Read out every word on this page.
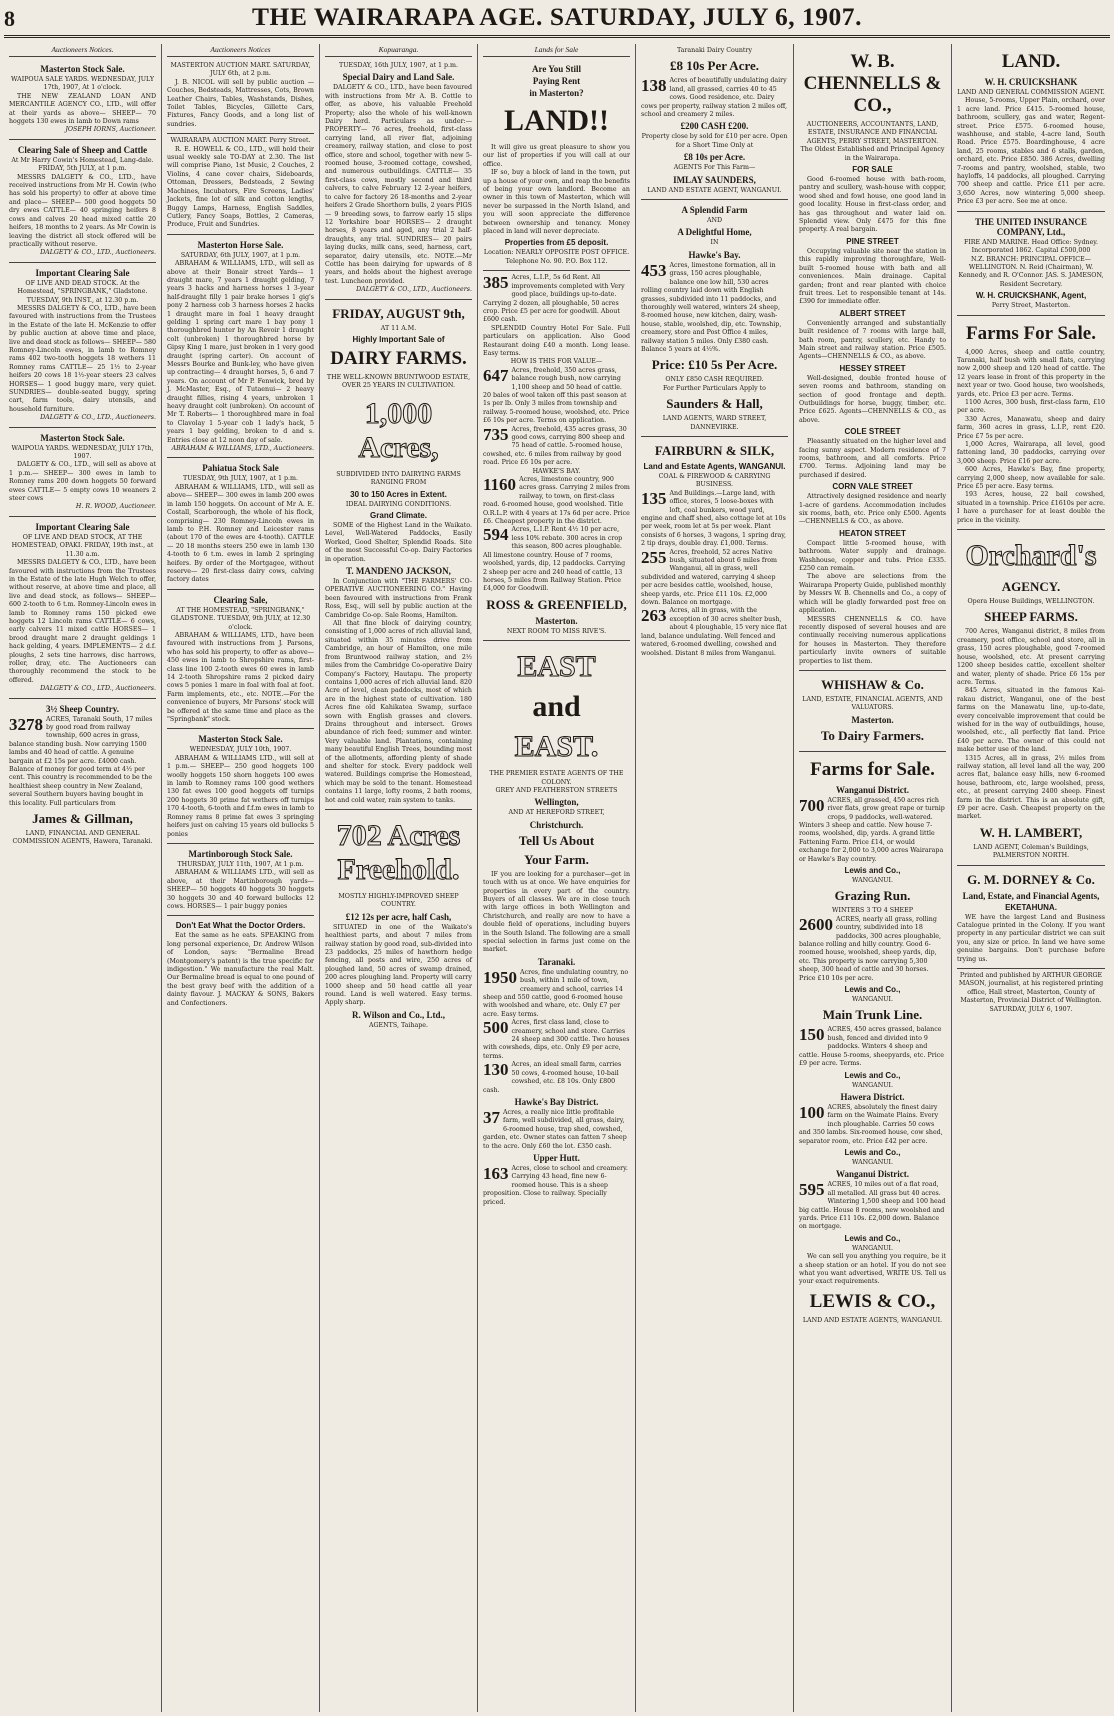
8	THE WAIRARAPA AGE. SATURDAY, JULY 6, 1907.
Auctioneers Notices.
Masterton Stock Sale.
WAIPOUA SALE YARDS. WEDNESDAY, JULY 17th, 1907, At 1 o'clock.

THE NEW ZEALAND LOAN AND MERCANTILE AGENCY CO., LTD., will offer at their yards as above— SHEEP— 70 hoggets 130 ewes in lamb to Down rams

JOSEPH IORNS, Auctioneer.
Clearing Sale of Sheep and Cattle
At Mr Harry Cowin's Homestead, Lang-dale. FRIDAY, 5th JULY, at 1 p.m.

MESSRS DALGETY & CO., LTD., have received instructions from Mr H. Cowin (who has sold his property) to offer at above time and place— SHEEP— 500 good hoggets 50 dry ewes CATTLE— 40 springing heifers 8 cows and calves 20 head mixed cattle 20 heifers, 18 months to 2 years. As Mr Cowin is leaving the district all stock offered will be practically without reserve.

DALGETY & CO., LTD., Auctioneers.
Important Clearing Sale
OF LIVE AND DEAD STOCK. At the Homestead, "SPRINGBANK," Gladstone. TUESDAY, 9th INST., at 12.30 p.m.

MESSRS DALGETY & CO., LTD., have been favoured with instructions from the Trustees in the Estate of the late H. McKenzie to offer by public auction at above time and place, live and dead stock as follows— SHEEP— 580 Romney-Lincoln ewes, in lamb to Romney rams 402 two-tooth hoggets 18 wethers 11 Romney rams CATTLE— 25 1½ to 2-year heifers 20 cows 18 1½-year steers 23 calves HORSES— 1 good buggy mare, very quiet. SUNDRIES— double-seated buggy, spring cart, farm tools, dairy utensils, and household furniture.

DALGETY & CO., LTD., Auctioneers.
Masterton Stock Sale.
WAIPOUA YARDS. WEDNESDAY, JULY 17th, 1907.

DALGETY & CO., LTD., will sell as above at 1 p.m.— SHEEP— 300 ewes in lamb to Romney rams 200 down hoggets 50 forward ewes CATTLE— 5 empty cows 10 weaners 2 steer cows

H. R. WOOD, Auctioneer.
Important Clearing Sale
OF LIVE AND DEAD STOCK, AT THE HOMESTEAD, OPAKI. FRIDAY, 19th inst., at 11.30 a.m.

MESSRS DALGETY & CO., LTD., have been favoured with instructions from the Trustees in the Estate of the late Hugh Welch to offer, without reserve, at above time and place, all live and dead stock, as follows— SHEEP— 600 2-tooth to 6 t.m. Romney-Lincoln ewes in lamb to Romney rams 150 picked ewe hoggets 12 Lincoln rams CATTLE— 6 cows, early calvers 11 mixed cattle HORSES— 1 brood draught mare 2 draught geldings 1 hack gelding, 4 years. IMPLEMENTS— 2 d.f. ploughs, 2 sets tine harrows, disc harrows, roller, dray, etc. The Auctioneers can thoroughly recommend the stock to be offered.

DALGETY & CO., LTD., Auctioneers.
3½ Sheep Country.
3278 ACRES, Taranaki South, 17 miles by good road from railway township, 600 acres in grass, balance standing bush. Now carrying 1500 lambs and 40 head of cattle. A genuine bargain at £2 15s per acre. £4000 cash. Balance of money for good term at 4½ per cent. This country is recommended to be the healthiest sheep country in New Zealand, several Southern buyers having bought in this locality. Full particulars from
James & Gillman,
LAND, FINANCIAL AND GENERAL COMMISSION AGENTS, Hawera, Taranaki.
Auctioneers Notices
MASTERTON AUCTION MART. SATURDAY, JULY 6th, at 2 p.m.

J. B. NICOL will sell by public auction — Couches, Bedsteads, Mattresses, Cots, Brown Leather Chairs, Tables, Washstands, Dishes, Toilet Tables, Bicycles, Gillette Cars, Fixtures, Fancy Goods, and a long list of sundries.

WAIRARAPA AUCTION MART. Perry Street.

R. E. HOWELL & CO., LTD., will hold their usual weekly sale TO-DAY at 2.30. The list will comprise Piano, 1st Music, 2 Couches, 2 Violins, 4 cane cover chairs, Sideboards, Ottoman, Dressers, Bedsteads, 2 Sewing Machines, Incubators, Fire Screens, Ladies' Jackets, fine lot of silk and cotton lengths, Buggy Lamps, Harness, English Saddles, Cutlery, Fancy Soaps, Bottles, 2 Cameras, Produce, Fruit and Sundries.

Masterton Horse Sale.
SATURDAY, 6th JULY, 1907, at 1 p.m.

ABRAHAM & WILLIAMS, LTD., will sell as above at their Bonair street Yards— 1 draught mare, 7 years 1 draught gelding, 7 years 3 hacks and harness horses 1 3-year half-draught filly 1 pair brake horses 1 gig's pony 2 harness cob 3 harness horses 2 hacks 1 draught mare in foal 1 heavy draught gelding 1 spring cart mare 1 bay pony 1 thoroughbred hunter by An Revoir 1 draught colt (unbroken) 1 thoroughbred horse by Gipsy King 1 mare, just broken in 1 very good draught (spring carter). On account of Messrs Bourke and Bunk-ley, who have given up contracting— 4 draught horses, 5, 6 and 7 years. On account of Mr P. Fenwick, bred by J. McMaster, Esq., of Tutaenui— 2 heavy draught fillies, rising 4 years, unbroken 1 heavy draught colt (unbroken). On account of Mr T. Roberts— 1 thoroughbred mare in foal to Clavolay 1 5-year cob 1 lady's hack, 5 years 1 bay gelding, broken to d and s. Entries close at 12 noon day of sale.

ABRAHAM & WILLIAMS, LTD., Auctioneers.
Pahiatua Stock Sale
TUESDAY, 9th JULY, 1907, at 1 p.m.

ABRAHAM & WILLIAMS, LTD., will sell as above— SHEEP— 300 ewes in lamb 200 ewes in lamb 150 hoggets. On account of Mr A. E. Costall, Scarborough, the whole of his flock, comprising— 230 Romney-Lincoln ewes in lamb to P.H. Romney and Leicester rams (about 170 of the ewes are 4-tooth). CATTLE— 20 18 months steers 250 ewe in lamb 130 4-tooth to 6 t.m. ewes in lamb 2 springing heifers. By order of the Mortgagee, without reserve— 20 first-class dairy cows, calving factory dates

Clearing Sale,
AT THE HOMESTEAD, "SPRINGBANK," GLADSTONE. TUESDAY, 9th JULY, at 12.30 o'clock.

ABRAHAM & WILLIAMS, LTD., have been favoured with instructions from J. Parsons, who has sold his property, to offer as above— 450 ewes in lamb to Shropshire rams, first-class line 100 2-tooth ewes 60 ewes in lamb 14 2-tooth Shropshire rams 2 picked dairy cows 5 ponies 1 mare in foal with foal at foot. Farm implements, etc., etc. NOTE.—For the convenience of buyers, Mr Parsons' stock will be offered at the same time and place as the "Springbank" stock.

Masterton Stock Sale.
WEDNESDAY, JULY 10th, 1907.

ABRAHAM & WILLIAMS LTD., will sell at 1 p.m.— SHEEP— 250 good hoggets 100 woolly hoggets 150 shorn hoggets 100 ewes in lamb to Romney rams 100 good wethers 130 fat ewes 100 good hoggets off turnips 200 hoggets 30 prime fat wethers off turnips 170 4-tooth, 6-tooth and f.f.m ewes in lamb to Romney rams 8 prime fat ewes 3 springing heifers just on calving 15 years old bullocks 5 ponies

Martinborough Stock Sale.
THURSDAY, JULY 11th, 1907, At 1 p.m.

ABRAHAM & WILLIAMS LTD., will sell as above, at their Martinborough yards— SHEEP— 50 hoggets 40 hoggets 30 hoggets 30 hoggets 30 and 40 forward bullocks 12 cows. HORSES— 1 pair buggy ponies

Don't Eat What the Doctor Orders.

Eat the same as he eats. SPEAKING from long personal experience, Dr. Andrew Wilson of London, says: "Bermaline Bread (Montgomery's patent) is the true specific for indigestion." We manufacture the real Malt. Our Bermaline bread is equal to one pound of the best gravy beef with the addition of a dainty flavour. J. MACKAY & SONS, Bakers and Confectioners.

Kopuaranga.
TUESDAY, 16th JULY, 1907, at 1 p.m.
Special Dairy and Land Sale.

DALGETY & CO., LTD., have been favoured with instructions from Mr A. B. Cottle to offer, as above, his valuable Freehold Property; also the whole of his well-known Dairy herd. Particulars as under:— PROPERTY— 76 acres, freehold, first-class carrying land, all river flat, adjoining creamery, railway station, and close to post office, store and school, together with new 5-roomed house, 3-roomed cottage, cowshed, and numerous outbuildings. CATTLE— 35 first-class cows, mostly second and third calvers, to calve February 12 2-year heifers, to calve for factory 26 18-months and 2-year heifers 2 Grade Shorthorn bulls, 2 years PIGS— 9 breeding sows, to farrow early 15 slips 12 Yorkshire boar HORSES— 2 draught horses, 8 years and aged, any trial 2 half-draughts, any trial. SUNDRIES— 20 pairs laying ducks, milk cans, seed, harness, cart, separator, dairy utensils, etc. NOTE.—Mr Cottle has been dairying for upwards of 8 years, and holds about the highest average test. Luncheon provided.

DALGETY & CO., LTD., Auctioneers.
FRIDAY, AUGUST 9th,
AT 11 A.M.
Highly Important Sale of
DAIRY FARMS.
THE WELL-KNOWN BRUNTWOOD ESTATE, OVER 25 YEARS IN CULTIVATION.
1,000 Acres,
SUBDIVIDED INTO DAIRYING FARMS RANGING FROM
30 to 150 Acres in Extent.
IDEAL DAIRYING CONDITIONS.
Grand Climate.

SOME of the Highest Land in the Waikato. Level, Well-Watered Paddocks, Easily Worked, Good Shelter, Splendid Roads. Site of the most Successful Co-op. Dairy Factories in operation.

T. MANDENO JACKSON,

In Conjunction with "THE FARMERS' CO-OPERATIVE AUCTIONEERING CO." Having been favoured with instructions from Frank Ross, Esq., will sell by public auction at the Cambridge Co-op. Sale Rooms, Hamilton.

All that fine block of dairying country, consisting of 1,000 acres of rich alluvial land, situated within 35 minutes drive from Cambridge, an hour of Hamilton, one mile from Bruntwood railway station, and 2½ miles from the Cambridge Co-operative Dairy Company's Factory, Hautapu. The property contains 1,000 acres of rich alluvial land. 820 Acre of level, clean paddocks, most of which are in the highest state of cultivation. 180 Acres fine old Kahikatea Swamp, surface sown with English grasses and clovers. Drains throughout and intersect. Grows abundance of rich feed; summer and winter. Very valuable land. Plantations, containing many beautiful English Trees, bounding most of the allotments, affording plenty of shade and shelter for stock. Every paddock well watered. Buildings comprise the Homestead, which may be sold to the tenant. Homestead contains 11 large, lofty rooms, 2 bath rooms, hot and cold water, rain system to tanks.

702 Acres Freehold.
MOSTLY HIGHLY-IMPROVED SHEEP COUNTRY.
£12 12s per acre, half Cash,

SITUATED in one of the Waikato's healthiest parts, and about 7 miles from railway station by good road, sub-divided into 23 paddocks, 25 miles of hawthorn hedge fencing, all posts and wire, 250 acres of ploughed land, 50 acres of swamp drained, 200 acres ploughing land. Property will carry 1000 sheep and 50 head cattle all year round. Land is well watered. Easy terms. Apply sharp.

R. Wilson and Co., Ltd.,
AGENTS, Taihape.
Lands for Sale
Are You Still
Paying Rent
in Masterton?
LAND!!

It will give us great pleasure to show you our list of properties if you will call at our office.

IF so, buy a block of land in the town, put up a house of your own, and reap the benefits of being your own landlord. Become an owner in this town of Masterton, which will never be surpassed in the North Island, and you will soon appreciate the difference between ownership and tenancy. Money placed in land will never depreciate.

Properties from £5 deposit.
Location: NEARLY OPPOSITE POST OFFICE. Telephone No. 90. P.O. Box 112.
385 Acres, L.I.P., 5s 6d Rent. All improvements completed with Very good place, buildings up-to-date. Carrying 2 dozen, all ploughable, 50 acres crop. Price £5 per acre for goodwill. About £600 cash.

SPLENDID Country Hotel For Sale. Full particulars on application. Also Good Restaurant doing £40 a month. Long lease. Easy terms.

HOW IS THIS FOR VALUE—
647 Acres, freehold, 350 acres grass, balance rough bush, now carrying 1,100 sheep and 50 head of cattle. 20 bales of wool taken off this past season at 1s per lb. Only 3 miles from township and railway. 5-roomed house, woolshed, etc. Price £6 10s per acre. Terms on application.
735 Acres, freehold, 435 acres grass, 30 good cows, carrying 800 sheep and 75 head of cattle. 5-roomed house, cowshed, etc. 6 miles from railway by good road. Price £6 10s per acre.
HAWKE'S BAY.
1160 Acres, limestone country, 900 acres grass. Carrying 2 miles from railway, to town, on first-class road. 6-roomed house, good woolshed. Title O.R.L.P. with 4 years at 17s 6d per acre. Price £6. Cheapest property in the district.
594 Acres, L.I.P. Rent 4½ 10 per acre, less 10% rebate. 300 acres in crop this season, 800 acres ploughable. All limestone country. House of 7 rooms, woolshed, yards, dip, 12 paddocks. Carrying 2 sheep per acre and 240 head of cattle, 13 horses, 5 miles from Railway Station. Price £4,000 for Goodwill.
ROSS & GREENFIELD,
Masterton.
NEXT ROOM TO MISS RIVE'S.
EAST
and
EAST.
THE PREMIER ESTATE AGENTS OF THE COLONY.
GREY AND FEATHERSTON STREETS
Wellington,
AND AT HEREFORD STREET,
Christchurch.
Tell Us About
Your Farm.

IF you are looking for a purchaser—get in touch with us at once. We have enquiries for properties in every part of the country. Buyers of all classes. We are in close touch with large offices in both Wellington and Christchurch, and really are now to have a double field of operations, including buyers in the South Island. The following are a small special selection in farms just come on the market.

Taranaki.
1950 Acres, fine undulating country, no bush, within 1 mile of town, creamery and school, carries 14 sheep and 550 cattle, good 6-roomed house with woolshed and whare, etc. Only £7 per acre. Easy terms.
500 Acres, first class land, close to creamery, school and store. Carries 24 sheep and 300 cattle. Two houses with cowsheds, dips, etc. Only £9 per acre, terms.
130 Acres, an ideal small farm, carries 50 cows, 4-roomed house, 10-bail cowshed, etc. £8 10s. Only £800 cash.
Hawke's Bay District.
37 Acres, a really nice little profitable farm, well subdivided, all grass, dairy, 6-roomed house, trap shed, cowshed, garden, etc. Owner states can fatten 7 sheep to the acre. Only £60 the lot. £350 cash.
Upper Hutt.
163 Acres, close to school and creamery. Carrying 43 head, fine new 6-roomed house. This is a sheep proposition. Close to railway. Specially priced.
Taranaki Dairy Country
£8 10s Per Acre.
138 Acres of beautifully undulating dairy land, all grassed, carries 40 to 45 cows. Good residence, etc. Dairy cows per property, railway station 2 miles off, school and creamery 2 miles.
£200 CASH £200.
Property close by sold for £10 per acre. Open for a Short Time Only at
£8 10s per Acre.
AGENTS For This Farm—
IMLAY SAUNDERS,
LAND AND ESTATE AGENT, WANGANUI.
A Splendid Farm
AND
A Delightful Home,
IN
Hawke's Bay.
453 Acres, limestone formation, all in grass, 150 acres ploughable, balance one low hill, 530 acres rolling country laid down with English grasses, subdivided into 11 paddocks, and thoroughly well watered, winters 24 sheep, 8-roomed house, new kitchen, dairy, wash-house, stable, woolshed, dip, etc. Township, creamery, store and Post Office 4 miles, railway station 5 miles. Only £380 cash. Balance 5 years at 4½%.
Price: £10 5s Per Acre.
ONLY £850 CASH REQUIRED.
For Further Particulars Apply to
Saunders & Hall,
LAND AGENTS, WARD STREET, DANNEVIRKE.
FAIRBURN & SILK,
Land and Estate Agents, WANGANUI.
COAL & FIREWOOD & CARRYING BUSINESS.
135 And Buildings.—Large land, with office, stores, 5 loose-boxes with loft, coal bunkers, wood yard, engine and chaff shed, also cottage let at 10s per week, room let at 5s per week. Plant consists of 6 horses, 3 wagons, 1 spring dray, 2 tip drays, double dray. £1,000. Terms.
255 Acres, freehold, 52 acres Native bush, situated about 6 miles from Wanganui, all in grass, well subdivided and watered, carrying 4 sheep per acre besides cattle, woolshed, house, sheep yards, etc. Price £11 10s. £2,000 down. Balance on mortgage.
263 Acres, all in grass, with the exception of 30 acres shelter bush, about 4 ploughable, 15 very nice flat land, balance undulating. Well fenced and watered, 6-roomed dwelling, cowshed and woolshed. Distant 8 miles from Wanganui.
W. B. CHENNELLS & CO.,
AUCTIONEERS, ACCOUNTANTS, LAND, ESTATE, INSURANCE AND FINANCIAL AGENTS, PERRY STREET, MASTERTON.
The Oldest Established and Principal Agency in the Wairarapa.
FOR SALE

Good 6-roomed house with bath-room, pantry and scullery, wash-house with copper, wood shed and fowl house, one good land in good locality. House in first-class order, and has gas throughout and water laid on. Splendid view. Only £475 for this fine property. A real bargain.

PINE STREET

Occupying valuable site near the station in this rapidly improving thoroughfare, Well-built 5-roomed house with bath and all conveniences. Main drainage. Capital garden; front and rear planted with choice fruit trees. Let to responsible tenant at 14s. £390 for immediate offer.

ALBERT STREET

Conveniently arranged and substantially built residence of 7 rooms with large hall, bath room, pantry, scullery, etc. Handy to Main street and railway station. Price £505. Agents—CHENNELLS & CO., as above.

HESSEY STREET

Well-designed, double fronted house of seven rooms and bathroom, standing on section of good frontage and depth. Outbuildings for horse, buggy, timber, etc. Price £625. Agents—CHENNELLS & CO., as above.

COLE STREET

Pleasantly situated on the higher level and facing sunny aspect. Modern residence of 7 rooms, bathroom, and all comforts. Price £700. Terms. Adjoining land may be purchased if desired.

CORN VALE STREET

Attractively designed residence and nearly 1-acre of gardens. Accommodation includes six rooms, bath, etc. Price only £500. Agents—CHENNELLS & CO., as above.

HEATON STREET

Compact little 5-roomed house, with bathroom. Water supply and drainage. Washhouse, copper and tubs. Price £335. £250 can remain.

The above are selections from the Wairarapa Property Guide, published monthly by Messrs W. B. Chennells and Co., a copy of which will be gladly forwarded post free on application.

MESSRS CHENNELLS & CO. have recently disposed of several houses and are continually receiving numerous applications for houses in Masterton. They therefore particularly invite owners of suitable properties to list them.

WHISHAW & Co.
LAND, ESTATE, FINANCIAL AGENTS, AND VALUATORS.
Masterton.
To Dairy Farmers.
Farms for Sale.
Wanganui District.
700 ACRES, all grassed, 450 acres rich river flats, grow great rape or turnip crops, 9 paddocks, well-watered. Winters 3 sheep and cattle. New house 7-rooms, woolshed, dip, yards. A grand little Fattening Farm. Price £14, or would exchange for 2,000 to 3,000 acres Wairarapa or Hawke's Bay country.
Lewis and Co.,
WANGANUI.
Grazing Run.
WINTERS 3 TO 4 SHEEP
2600 ACRES, nearly all grass, rolling country, subdivided into 18 paddocks, 300 acres ploughable, balance rolling and hilly country. Good 6-roomed house, woolshed, sheep yards, dip, etc. This property is now carrying 5,300 sheep, 300 head of cattle and 30 horses. Price £10 10s per acre.
Lewis and Co.,
WANGANUI.
Main Trunk Line.
150 ACRES, 450 acres grassed, balance bush, fenced and divided into 9 paddocks. Winters 4 sheep and cattle. House 5-rooms, sheepyards, etc. Price £9 per acre. Terms.
Lewis and Co.,
WANGANUI.
Hawera District.
100 ACRES, absolutely the finest dairy farm on the Waimate Plains. Every inch ploughable. Carries 50 cows and 350 lambs. Six-roomed house, cow shed, separator room, etc. Price £42 per acre.
Lewis and Co.,
WANGANUI.
Wanganui District.
595 ACRES, 10 miles out of a flat road, all metalled. All grass but 40 acres. Wintering 1,500 sheep and 100 head big cattle. House 8 rooms, new woolshed and yards. Price £11 10s. £2,000 down. Balance on mortgage.
Lewis and Co.,
WANGANUI.

We can sell you anything you require, be it a sheep station or an hotel. If you do not see what you want advertised, WRITE US. Tell us your exact requirements.

LEWIS & CO.,
LAND AND ESTATE AGENTS, WANGANUI.
LAND.
W. H. CRUICKSHANK
LAND AND GENERAL COMMISSION AGENT.

House, 5-rooms, Upper Plain, orchard, over 1 acre land. Price £415. 5-roomed house, bathroom, scullery, gas and water, Regent-street. Price £575. 6-roomed house, washhouse, and stable, 4-acre land, South Road. Price £575. Boardinghouse, 4 acre land, 25 rooms, stables and 6 stalls, garden, orchard, etc. Price £850. 386 Acres, dwelling 7-rooms and pantry, woolshed, stable, two hayloffs, 14 paddocks, all ploughed. Carrying 700 sheep and cattle. Price £11 per acre. 3,650 Acres, now wintering 5,000 sheep. Price £3 per acre. See me at once.

THE UNITED INSURANCE COMPANY, Ltd.,
FIRE AND MARINE. Head Office: Sydney. Incorporated 1862. Capital £500,000
N.Z. BRANCH: PRINCIPAL OFFICE—WELLINGTON. N. Reid (Chairman), W. Kennedy, and R. O'Connor. JAS. S. JAMESON, Resident Secretary.
W. H. CRUICKSHANK, Agent,
Perry Street, Masterton.
Farms For Sale.

4,000 Acres, sheep and cattle country, Taranaki, half bush with small flats, carrying now 2,000 sheep and 120 head of cattle. The 12 years lease in front of this property in the next year or two. Good house, two woolsheds, yards, etc. Price £3 per acre. Terms.

1100 Acres, 300 bush, first-class farm, £10 per acre.

330 Acres, Manawatu, sheep and dairy farm, 360 acres in grass, L.I.P., rent £20. Price £7 5s per acre.

1,000 Acres, Wairarapa, all level, good fattening land, 30 paddocks, carrying over 3,000 sheep. Price £16 per acre.

600 Acres, Hawke's Bay, fine property, carrying 2,000 sheep, now available for sale. Price £5 per acre. Easy terms.

193 Acres, house, 22 bail cowshed, situated in a township. Price £1610s per acre. I have a purchaser for at least double the price in the vicinity.

Orchard's
AGENCY.
Opera House Buildings, WELLINGTON.
SHEEP FARMS.

700 Acres, Wanganui district, 8 miles from creamery, post office, school and store, all in grass, 150 acres ploughable, good 7-roomed house, woolshed, etc. At present carrying 1200 sheep besides cattle, excellent shelter and water, plenty of shade. Price £6 15s per acre. Terms.

845 Acres, situated in the famous Kai-rakau district, Wanganui, one of the best farms on the Manawatu line, up-to-date, every conceivable improvement that could be wished for in the way of outbuildings, house, woolshed, etc., all perfectly flat land. Price £40 per acre. The owner of this could not make better use of the land.

1315 Acres, all in grass, 2½ miles from railway station, all level land all the way, 200 acres flat, balance easy hills, new 6-roomed house, bathroom, etc, large woolshed, press, etc., at present carrying 2400 sheep. Finest farm in the district. This is an absolute gift, £9 per acre. Cash. Cheapest property on the market.

W. H. LAMBERT,
LAND AGENT, Coleman's Buildings, PALMERSTON NORTH.
G. M. DORNEY & Co.
Land, Estate, and Financial Agents,
EKETAHUNA.

WE have the largest Land and Business Catalogue printed in the Colony. If you want property in any particular district we can suit you, any size or price. In land we have some genuine bargains. Don't purchase before trying us.

Printed and published by ARTHUR GEORGE MASON, journalist, at his registered printing office, Hall street, Masterton, County of Masterton, Provincial District of Wellington.
SATURDAY, JULY 6, 1907.
